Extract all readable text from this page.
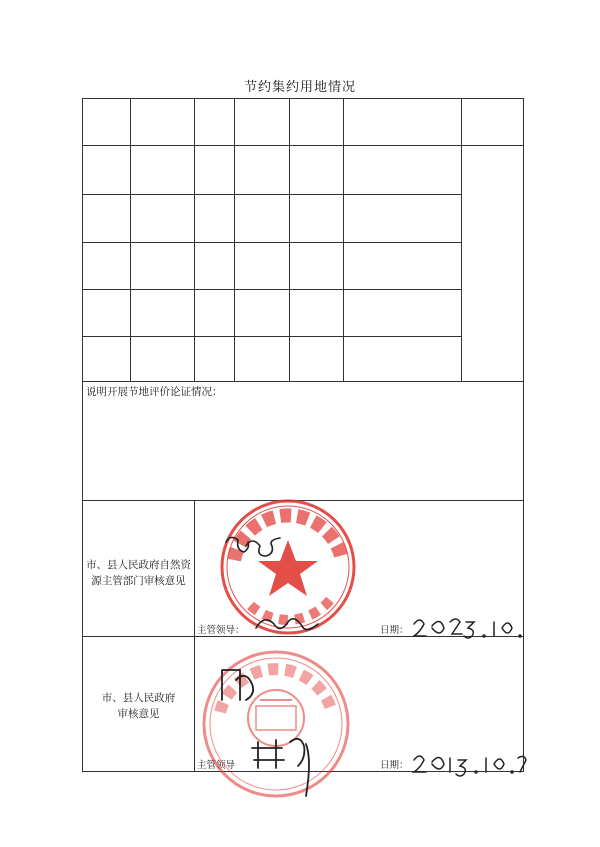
节约集约用地情况
说明开展节地评价论证情况：
市、县人民政府自然资
源主管部门审核意见
主管领导：	日期：
市、县人民政府
审核意见
主管领导	日期：
